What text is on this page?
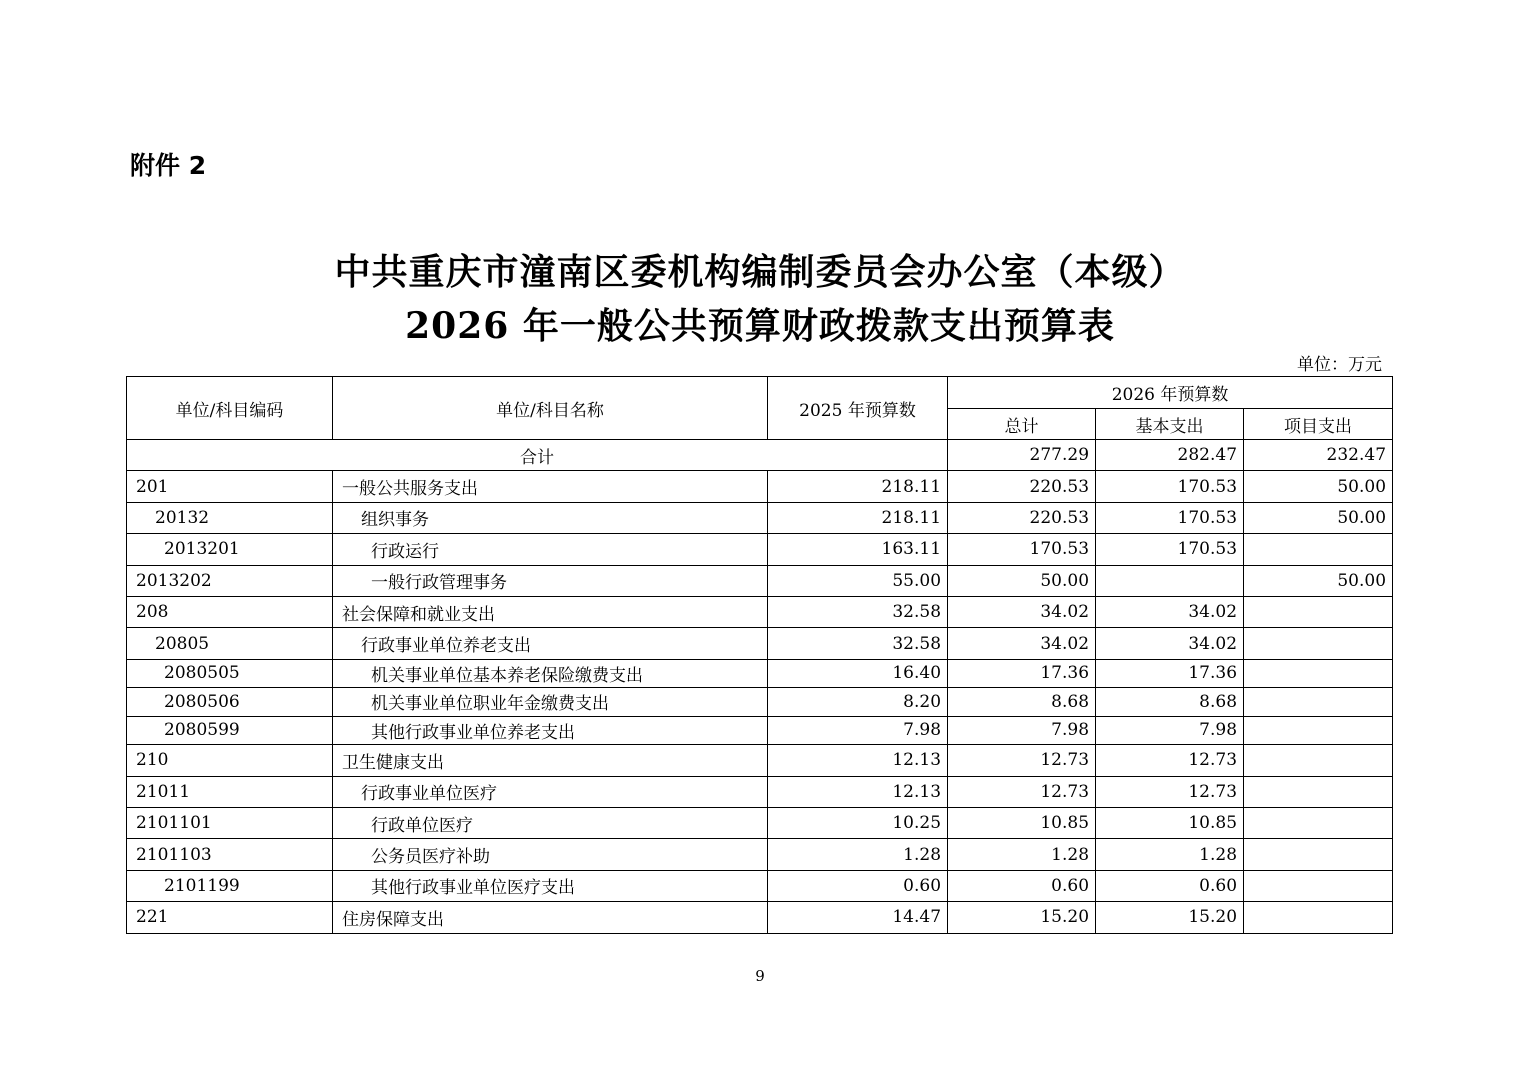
附件 2
中共重庆市潼南区委机构编制委员会办公室（本级）
2026 年一般公共预算财政拨款支出预算表
单位：万元
单位/科目编码	单位/科目名称	2025 年预算数	2026 年预算数			
			总计	基本支出	项目支出	
合计			277.29	282.47	232.47	
201	一般公共服务支出	218.11	220.53	170.53	50.00	
20132	组织事务	218.11	220.53	170.53	50.00	
2013201	行政运行	163.11	170.53	170.53		
2013202	一般行政管理事务	55.00	50.00		50.00	
208	社会保障和就业支出	32.58	34.02	34.02		
20805	行政事业单位养老支出	32.58	34.02	34.02		
2080505	机关事业单位基本养老保险缴费支出	16.40	17.36	17.36		
2080506	机关事业单位职业年金缴费支出	8.20	8.68	8.68		
2080599	其他行政事业单位养老支出	7.98	7.98	7.98		
210	卫生健康支出	12.13	12.73	12.73		
21011	行政事业单位医疗	12.13	12.73	12.73		
2101101	行政单位医疗	10.25	10.85	10.85		
2101103	公务员医疗补助	1.28	1.28	1.28		
2101199	其他行政事业单位医疗支出	0.60	0.60	0.60		
221	住房保障支出	14.47	15.20	15.20		
9
